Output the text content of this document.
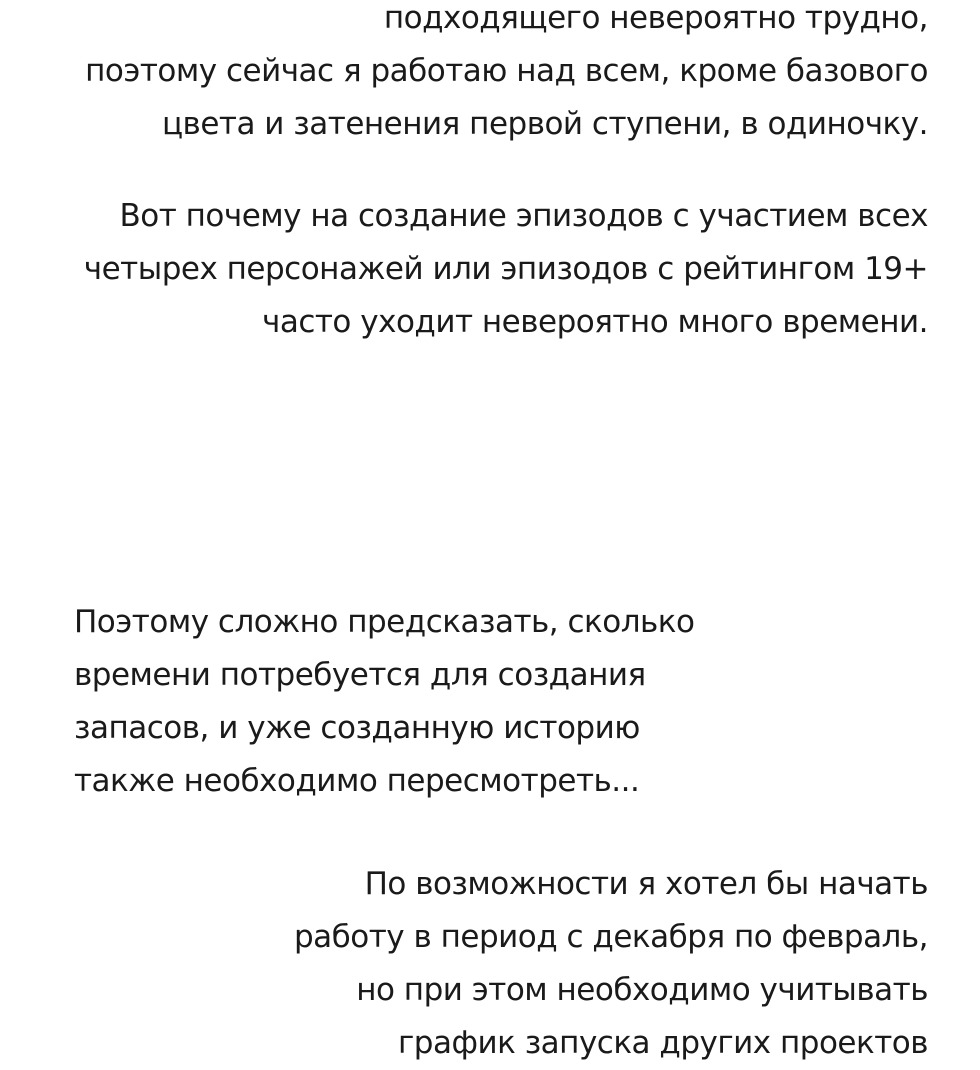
подходящего невероятно трудно,
поэтому сейчас я работаю над всем, кроме базового
цвета и затенения первой ступени, в одиночку.
Вот почему на создание эпизодов с участием всех
четырех персонажей или эпизодов с рейтингом 19+
часто уходит невероятно много времени.
Поэтому сложно предсказать, сколько
времени потребуется для создания
запасов, и уже созданную историю
также необходимо пересмотреть...
По возможности я хотел бы начать
работу в период с декабря по февраль,
но при этом необходимо учитывать
график запуска других проектов
